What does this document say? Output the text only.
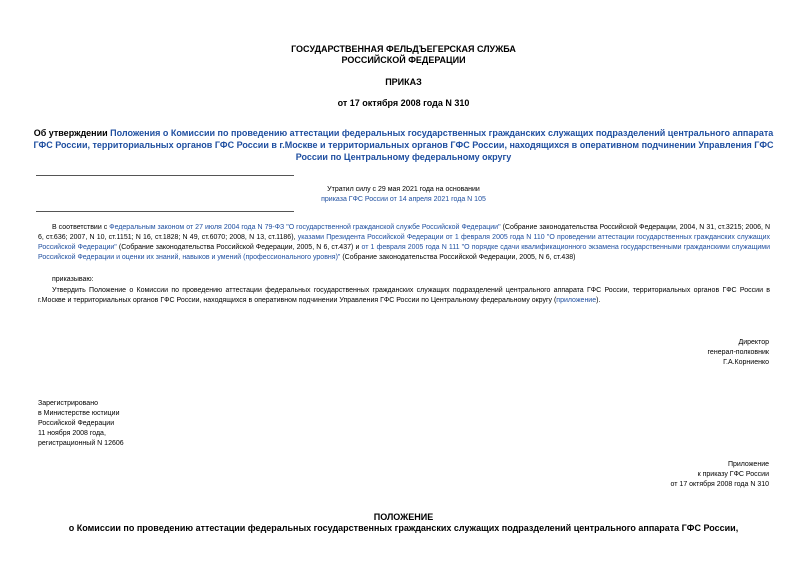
ГОСУДАРСТВЕННАЯ ФЕЛЬДЪЕГЕРСКАЯ СЛУЖБА
РОССИЙСКОЙ ФЕДЕРАЦИИ
ПРИКАЗ
от 17 октября 2008 года N 310
Об утверждении Положения о Комиссии по проведению аттестации федеральных государственных гражданских служащих подразделений центрального аппарата ГФС России, территориальных органов ГФС России в г.Москве и территориальных органов ГФС России, находящихся в оперативном подчинении Управления ГФС России по Центральному федеральному округу
Утратил силу с 29 мая 2021 года на основании
приказа ГФС России от 14 апреля 2021 года N 105
В соответствии с Федеральным законом от 27 июля 2004 года N 79-ФЗ "О государственной гражданской службе Российской Федерации" (Собрание законодательства Российской Федерации, 2004, N 31, ст.3215; 2006, N 6, ст.636; 2007, N 10, ст.1151; N 16, ст.1828; N 49, ст.6070; 2008, N 13, ст.1186), указами Президента Российской Федерации от 1 февраля 2005 года N 110 "О проведении аттестации государственных гражданских служащих Российской Федерации" (Собрание законодательства Российской Федерации, 2005, N 6, ст.437) и от 1 февраля 2005 года N 111 "О порядке сдачи квалификационного экзамена государственными гражданскими служащими Российской Федерации и оценки их знаний, навыков и умений (профессионального уровня)" (Собрание законодательства Российской Федерации, 2005, N 6, ст.438)
приказываю:
Утвердить Положение о Комиссии по проведению аттестации федеральных государственных гражданских служащих подразделений центрального аппарата ГФС России, территориальных органов ГФС России в г.Москве и территориальных органов ГФС России, находящихся в оперативном подчинении Управления ГФС России по Центральному федеральному округу (приложение).
Директор
генерал-полковник
Г.А.Корниенко
Зарегистрировано
в Министерстве юстиции
Российской Федерации
11 ноября 2008 года,
регистрационный N 12606
Приложение
к приказу ГФС России
от 17 октября 2008 года N 310
ПОЛОЖЕНИЕ
о Комиссии по проведению аттестации федеральных государственных гражданских служащих подразделений центрального аппарата ГФС России,
